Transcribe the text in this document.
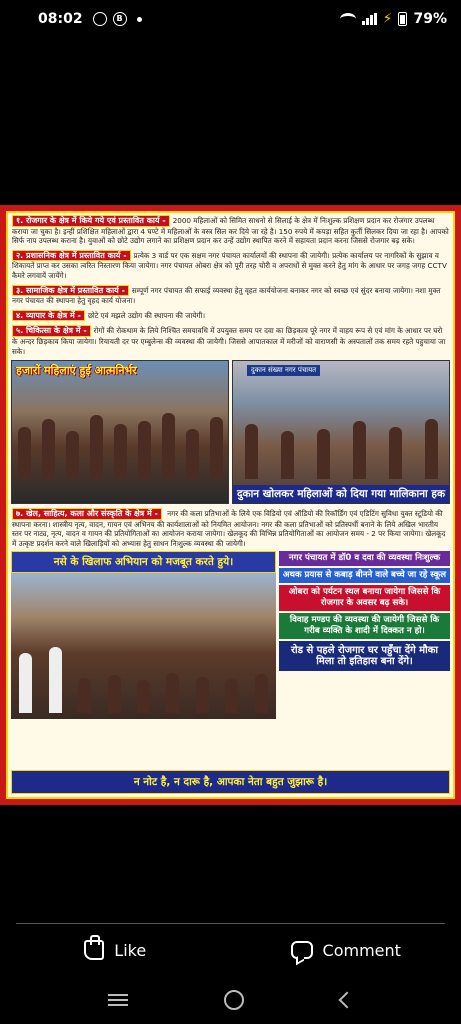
08:02	B	⚡ 79%
१. रोजगार के क्षेत्र में किये गये एवं प्रस्तावित कार्य - 2000 महिलाओं को सिमित साधनो से सिलाई के क्षेत्र में निःशुल्क प्रशिक्षण प्रदान कर रोजगार उपलब्ध कराया जा चुका है। इन्हीं प्रशिक्षित महिलाओं द्वारा 4 घण्टे में महिलाओं के वस्त्र सिल कर दिये जा रहे है। 150 रुपये में कपड़ा सहित कुर्ती सिलकर दिया जा रहा है। आपको सिर्फ नाप उपलब्ध कराना है। युवाओं को छोटे उद्योग लगाने का प्रशिक्षण प्रदान कर उन्हें उद्योग स्थापित करने में सहायता प्रदान करना जिससे रोजगार बढ़ सके।
२. प्रशासनिक क्षेत्र में प्रस्तावित कार्य - प्रत्येक 3 वार्ड पर एक सक्षम नगर पंचायत कार्यालयों की स्थापना की जायेगी। प्रत्येक कार्यालय पर नागरिकों के सुझाव व शिकायतें प्राप्त कर उसका त्वरित निस्तारण किया जायेगा। नगर पंचायत ओबरा क्षेत्र को पूरी तरह चोरी व अपराधों से मुक्त करने हेतु मांग के आधार पर जगह जगह CCTV कैमरे लगवायें जायेंगे।
३. सामाजिक क्षेत्र में प्रस्तावित कार्य - सम्पूर्ण नगर पंचायत की सफाई व्यवस्था हेतु वृहत कार्ययोजना बनाकर नगर को स्वच्छ एवं सुंदर बनाया जायेगा। नशा मुक्त नगर पंचायत की स्थापना हेतु वृहद कार्य योजना।
४. व्यापार के क्षेत्र में - छोटे एवं मझले उद्योग की स्थापना की जायेगी।
५. चिकित्सा के क्षेत्र में - रोगों की रोकथाम के लिये निश्चित समयावधि में उपयुक्त समय पर दवा का छिड़काव पूरे नगर में वाहय रूप से एवं मांग के आधार पर घरो के अन्दर छिड़काव किया जायेगा। रियायती दर पर एम्बुलेन्स की व्यवस्था की जायेगी। जिससे आपातकाल में मरीजों को वाराणसी के अस्पतालों तक समय रहते पहुचाया जा सके।
हजारों महिलाएं हुई आत्मनिर्भर	दुकान संख्या नगर पंचायत
दुकान खोलकर महिलाओं को दिया गया मालिकाना हक
७. खेल, साहित्य, कला और संस्कृति के क्षेत्र में - नगर की कला प्रतिभाओं के लिये एक विडियो एवं ऑडियो की रिकॉर्डिंग एवं एडिटिंग सुविधा युक्त स्टूडियो की स्थापना करना। शास्त्रीय नृत्य, वादन, गायन एवं अभिनय की कार्यशालाओं को नियमित आयोजन। नगर की कला प्रतिभाओं को प्रतिस्पर्धी बनाने के लिये अखिल भारतीय स्तर पर नाट्य, नृत्य, वादन व गायन की प्रतियोगिताओं का आयोजन कराया जायेगा। खेलकूद की विभिन्न प्रतियोगिताओं का आयोजन समय - 2 पर किया जायेगा। खेलकूद में उत्कृष्ट प्रदर्शन करने वाले खिलाड़ियों को अभ्यास हेतु साधन निःशुल्क व्यवस्था की जायेगी।
नसे के खिलाफ अभियान को मजबूत करते हुये।	नगर पंचायत में डॉ0 व दवा की व्यवस्था निःशुल्क
अथक प्रयास से कबाड़ बीनने वाले बच्चे जा रहे स्कूल
ओबरा को पर्यटन स्थल बनाया जायेगा जिससे कि रोजगार के अवसर बढ़ सके।
विवाह मण्डप की व्यवस्था की जायेगी जिससे कि गरीब व्यक्ति के शादी में दिक्कत न हो।
रोड से पहले रोजगार घर पहुँचा देंगे मौका मिला तो इतिहास बना देंगे।
न नोट है, न दारू है, आपका नेता बहुत जुझारू है।
Like	Comment
